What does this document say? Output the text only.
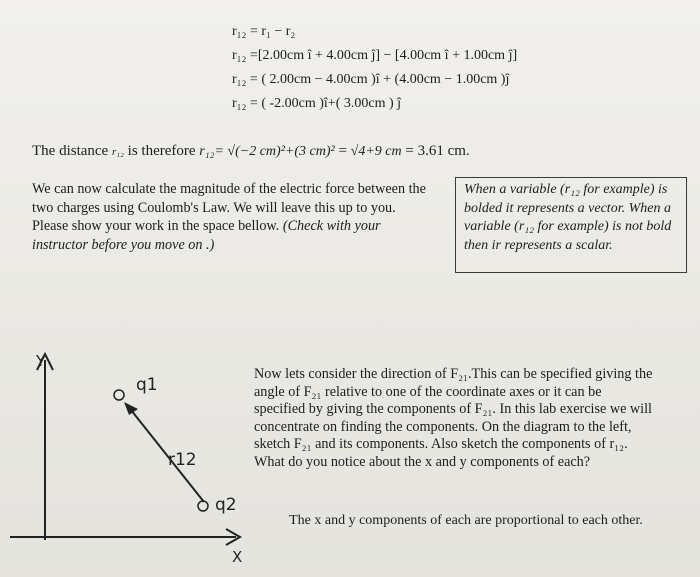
r₁₂ = r₁ − r₂
r₁₂ =[2.00cm î + 4.00cm ĵ] − [4.00cm î + 1.00cm ĵ]
r₁₂ = ( 2.00cm − 4.00cm )î + (4.00cm − 1.00cm )ĵ
r₁₂ = ( -2.00cm )î+( 3.00cm ) ĵ
The distance r₁₂ is therefore r₁₂= √(−2 cm)²+(3 cm)² = √4+9 cm = 3.61 cm.
We can now calculate the magnitude of the electric force between the two charges using Coulomb's Law. We will leave this up to you. Please show your work in the space bellow. (Check with your instructor before you move on .)
When a variable (r₁₂ for example) is bolded it represents a vector. When a variable (r₁₂ for example) is not bold then ir represents a scalar.
Y
X
q1
r12
q2
Now lets consider the direction of F₂₁.This can be specified giving the angle of F₂₁ relative to one of the coordinate axes or it can be specified by giving the components of F₂₁. In this lab exercise we will concentrate on finding the components. On the diagram to the left, sketch F₂₁ and its components. Also sketch the components of r₁₂. What do you notice about the x and y components of each?
The x and y components of each are proportional to each other.
